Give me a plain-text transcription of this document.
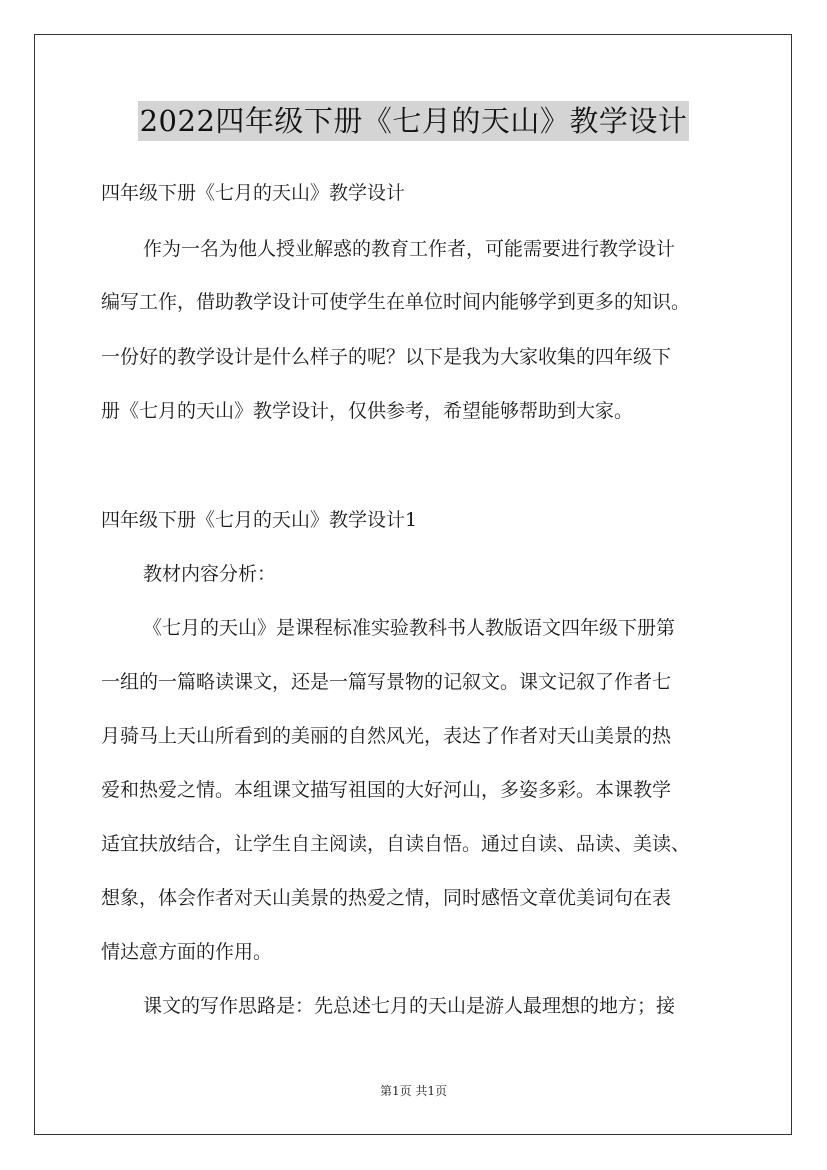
2022四年级下册《七月的天山》教学设计
四年级下册《七月的天山》教学设计
作为一名为他人授业解惑的教育工作者，可能需要进行教学设计
编写工作，借助教学设计可使学生在单位时间内能够学到更多的知识。
一份好的教学设计是什么样子的呢？以下是我为大家收集的四年级下
册《七月的天山》教学设计，仅供参考，希望能够帮助到大家。
四年级下册《七月的天山》教学设计1
教材内容分析：
《七月的天山》是课程标准实验教科书人教版语文四年级下册第
一组的一篇略读课文，还是一篇写景物的记叙文。课文记叙了作者七
月骑马上天山所看到的美丽的自然风光，表达了作者对天山美景的热
爱和热爱之情。本组课文描写祖国的大好河山，多姿多彩。本课教学
适宜扶放结合，让学生自主阅读，自读自悟。通过自读、品读、美读、
想象，体会作者对天山美景的热爱之情，同时感悟文章优美词句在表
情达意方面的作用。
课文的写作思路是：先总述七月的天山是游人最理想的地方；接
第1页 共1页
